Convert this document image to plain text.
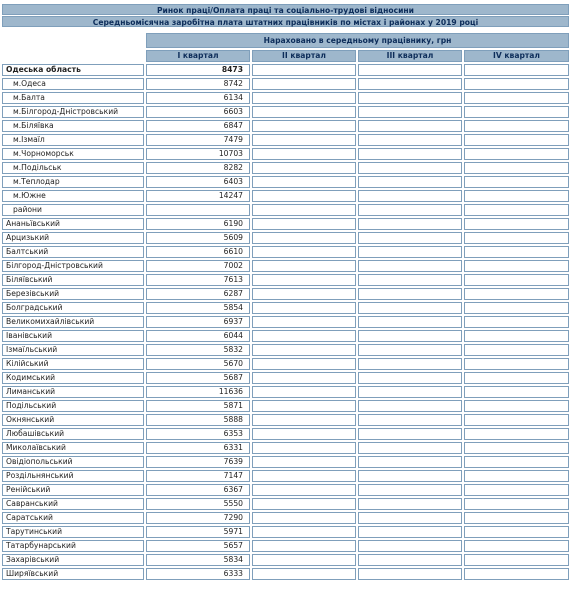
Ринок праці/Оплата праці та соціально-трудові відносини
Середньомісячна заробітна плата штатних працівників по містах і районах у 2019 році

	Нараховано в середньому працівнику, грн			
	I квартал	II квартал	III квартал	IV квартал
Одеська область	8473			
м.Одеса	8742			
м.Балта	6134			
м.Білгород-Дністровський	6603			
м.Біляївка	6847			
м.Ізмаїл	7479			
м.Чорноморськ	10703			
м.Подільськ	8282			
м.Теплодар	6403			
м.Южне	14247			
райони				
Ананьївський	6190			
Арцизький	5609			
Балтський	6610			
Білгород-Дністровський	7002			
Біляївський	7613			
Березівський	6287			
Болградський	5854			
Великомихайлівський	6937			
Іванівський	6044			
Ізмаїльський	5832			
Кілійський	5670			
Кодимський	5687			
Лиманський	11636			
Подільський	5871			
Окнянський	5888			
Любашівський	6353			
Миколаївський	6331			
Овідіопольський	7639			
Роздільнянський	7147			
Ренійський	6367			
Савранський	5550			
Саратський	7290			
Тарутинський	5971			
Татарбунарський	5657			
Захарівський	5834			
Ширяївський	6333			
